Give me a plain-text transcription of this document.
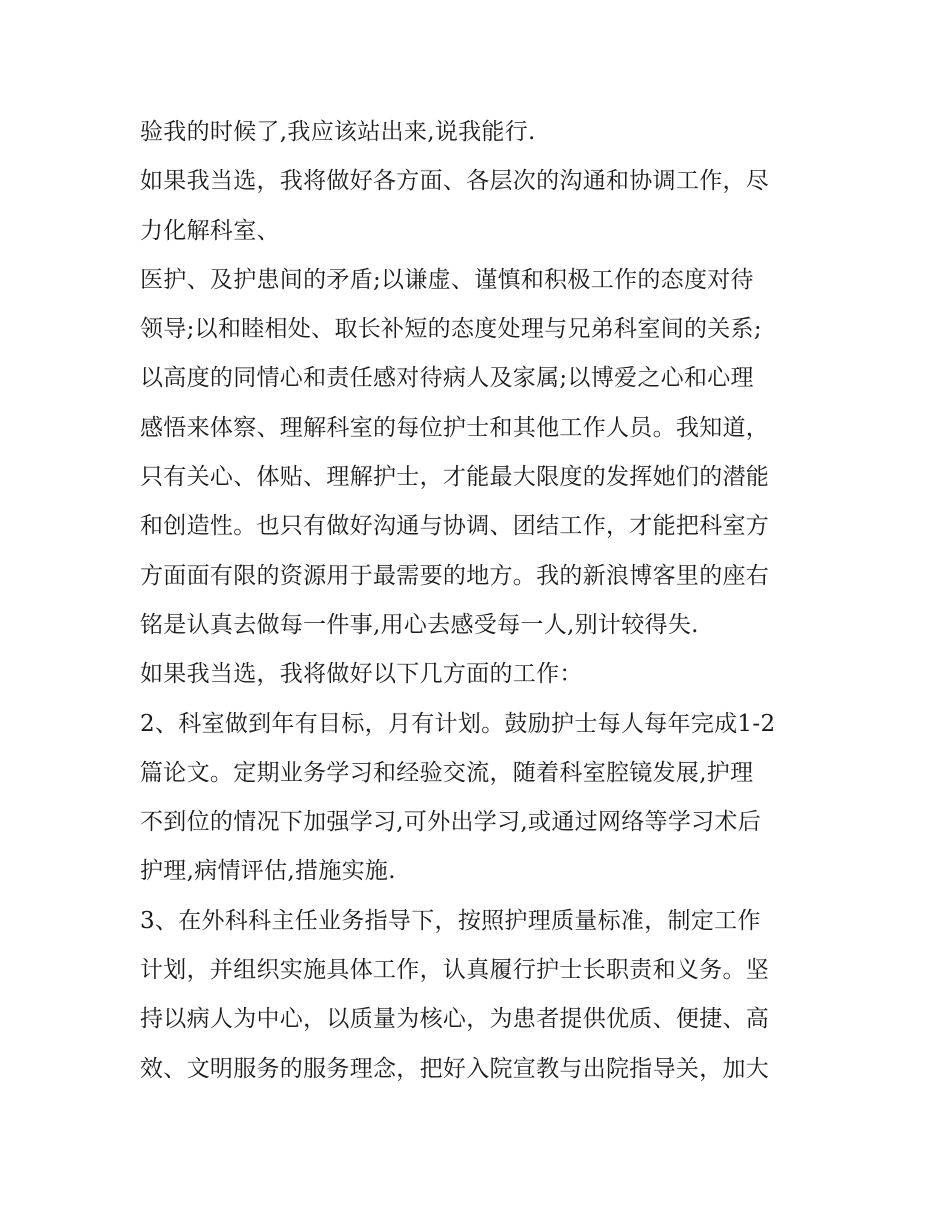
验我的时候了,我应该站出来,说我能行.
如果我当选，我将做好各方面、各层次的沟通和协调工作，尽
力化解科室、
医护、及护患间的矛盾;以谦虚、谨慎和积极工作的态度对待
领导;以和睦相处、取长补短的态度处理与兄弟科室间的关系;
以高度的同情心和责任感对待病人及家属;以博爱之心和心理
感悟来体察、理解科室的每位护士和其他工作人员。我知道，
只有关心、体贴、理解护士，才能最大限度的发挥她们的潜能
和创造性。也只有做好沟通与协调、团结工作，才能把科室方
方面面有限的资源用于最需要的地方。我的新浪博客里的座右
铭是认真去做每一件事,用心去感受每一人,别计较得失.
如果我当选，我将做好以下几方面的工作：
2、科室做到年有目标，月有计划。鼓励护士每人每年完成1-2
篇论文。定期业务学习和经验交流，随着科室腔镜发展,护理
不到位的情况下加强学习,可外出学习,或通过网络等学习术后
护理,病情评估,措施实施.
3、在外科科主任业务指导下，按照护理质量标准，制定工作
计划，并组织实施具体工作，认真履行护士长职责和义务。坚
持以病人为中心，以质量为核心，为患者提供优质、便捷、高
效、文明服务的服务理念，把好入院宣教与出院指导关，加大
